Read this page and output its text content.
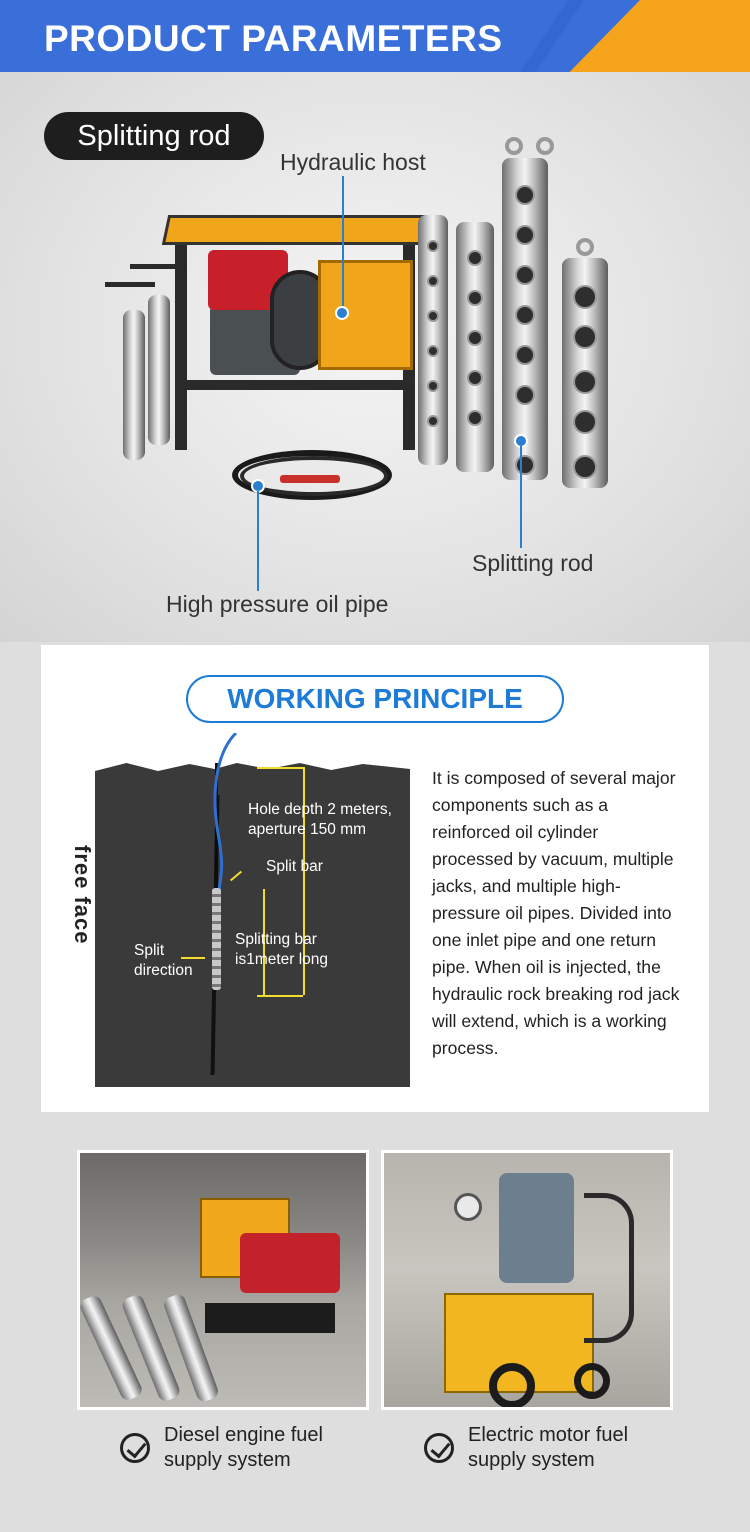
PRODUCT PARAMETERS
Splitting rod
Hydraulic host
Splitting rod
High pressure oil pipe
WORKING PRINCIPLE
free face
Hole depth 2 meters,
aperture 150 mm
Split bar
Splitting bar
is1meter long
Split
direction
It is composed of several major components such as a reinforced oil cylinder processed by vacuum, multiple jacks, and multiple high-pressure oil pipes. Divided into one inlet pipe and one return pipe. When oil is injected, the hydraulic rock breaking rod jack will extend, which is a working process.
Diesel engine fuel
supply system
Electric motor fuel
supply system
